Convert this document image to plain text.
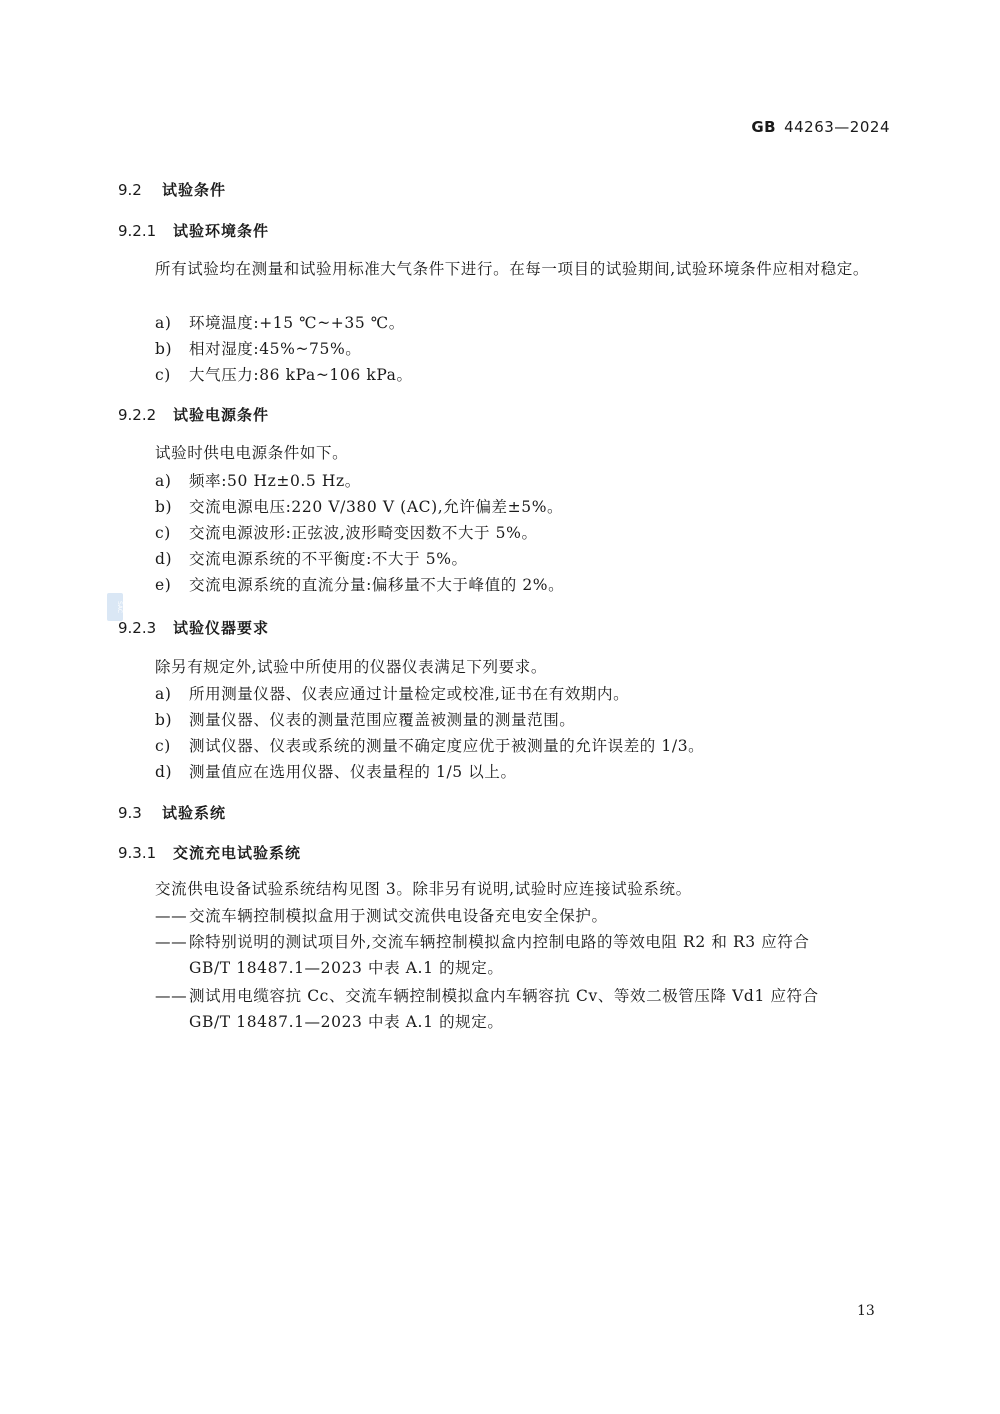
GB 44263—2024
9.2 试验条件
9.2.1 试验环境条件
所有试验均在测量和试验用标准大气条件下进行。在每一项目的试验期间,试验环境条件应相对稳定。
a) 环境温度:+15 ℃~+35 ℃。
b) 相对湿度:45%~75%。
c) 大气压力:86 kPa~106 kPa。
9.2.2 试验电源条件
试验时供电电源条件如下。
a) 频率:50 Hz±0.5 Hz。
b) 交流电源电压:220 V/380 V (AC),允许偏差±5%。
c) 交流电源波形:正弦波,波形畸变因数不大于 5%。
d) 交流电源系统的不平衡度:不大于 5%。
e) 交流电源系统的直流分量:偏移量不大于峰值的 2%。
SAC
9.2.3 试验仪器要求
除另有规定外,试验中所使用的仪器仪表满足下列要求。
a) 所用测量仪器、仪表应通过计量检定或校准,证书在有效期内。
b) 测量仪器、仪表的测量范围应覆盖被测量的测量范围。
c) 测试仪器、仪表或系统的测量不确定度应优于被测量的允许误差的 1/3。
d) 测量值应在选用仪器、仪表量程的 1/5 以上。
9.3 试验系统
9.3.1 交流充电试验系统
交流供电设备试验系统结构见图 3。除非另有说明,试验时应连接试验系统。
—— 交流车辆控制模拟盒用于测试交流供电设备充电安全保护。
—— 除特别说明的测试项目外,交流车辆控制模拟盒内控制电路的等效电阻 R2 和 R3 应符合
GB/T 18487.1—2023 中表 A.1 的规定。
—— 测试用电缆容抗 Cc、交流车辆控制模拟盒内车辆容抗 Cv、等效二极管压降 Vd1 应符合
GB/T 18487.1—2023 中表 A.1 的规定。
13
